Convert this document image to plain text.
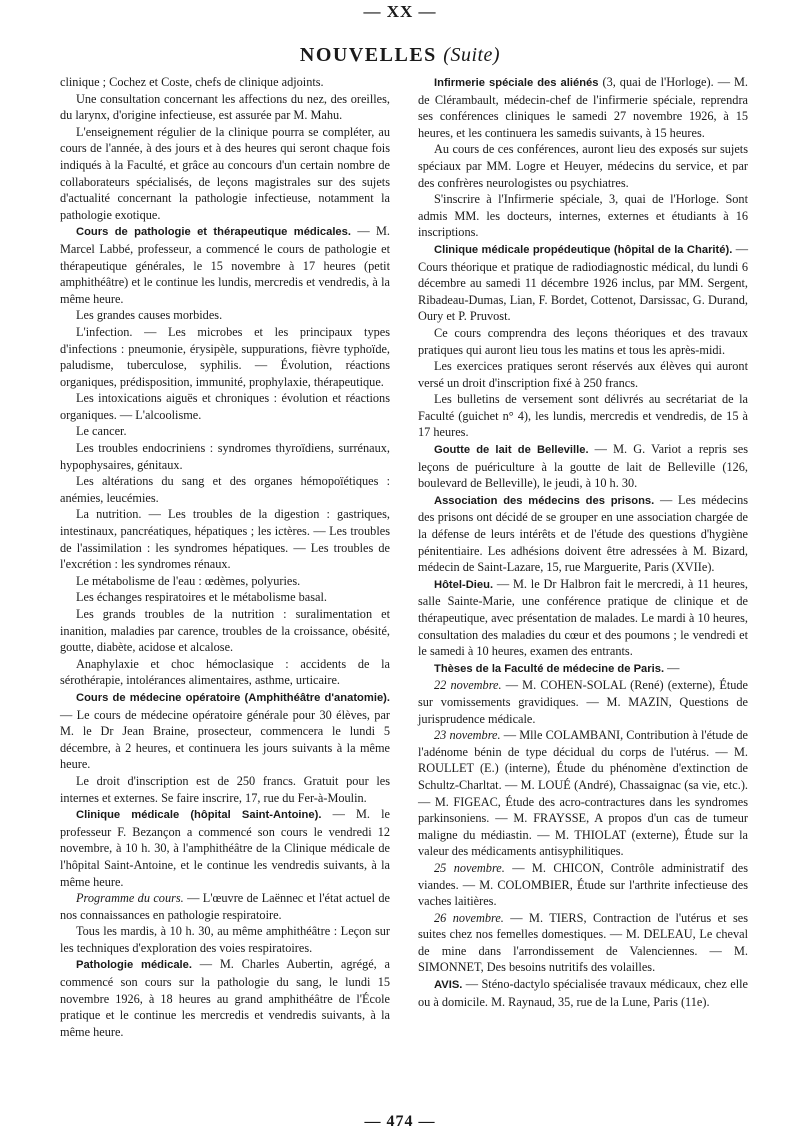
— XX —
NOUVELLES (Suite)

clinique ; Cochez et Coste, chefs de clinique adjoints.

Une consultation concernant les affections du nez, des oreilles, du larynx, d'origine infectieuse, est assurée par M. Mahu.

L'enseignement régulier de la clinique pourra se compléter, au cours de l'année, à des jours et à des heures qui seront chaque fois indiqués à la Faculté, et grâce au concours d'un certain nombre de collaborateurs spécialisés, de leçons magistrales sur des sujets d'actualité concernant la pathologie infectieuse, notamment la pathologie exotique.

Cours de pathologie et thérapeutique médicales. — M. Marcel Labbé, professeur, a commencé le cours de pathologie et thérapeutique générales, le 15 novembre à 17 heures (petit amphithéâtre) et le continue les lundis, mercredis et vendredis, à la même heure.

Les grandes causes morbides.

L'infection. — Les microbes et les principaux types d'infections : pneumonie, érysipèle, suppurations, fièvre typhoïde, paludisme, tuberculose, syphilis. — Évolution, réactions organiques, prédisposition, immunité, prophylaxie, thérapeutique.

Les intoxications aiguës et chroniques : évolution et réactions organiques. — L'alcoolisme.

Le cancer.

Les troubles endocriniens : syndromes thyroïdiens, surrénaux, hypophysaires, génitaux.

Les altérations du sang et des organes hémopoïétiques : anémies, leucémies.

La nutrition. — Les troubles de la digestion : gastriques, intestinaux, pancréatiques, hépatiques ; les ictères. — Les troubles de l'assimilation : les syndromes hépatiques. — Les troubles de l'excrétion : les syndromes rénaux.

Le métabolisme de l'eau : œdèmes, polyuries.

Les échanges respiratoires et le métabolisme basal.

Les grands troubles de la nutrition : suralimentation et inanition, maladies par carence, troubles de la croissance, obésité, goutte, diabète, acidose et alcalose.

Anaphylaxie et choc hémoclasique : accidents de la sérothérapie, intolérances alimentaires, asthme, urticaire.

Cours de médecine opératoire (Amphithéâtre d'anatomie). — Le cours de médecine opératoire générale pour 30 élèves, par M. le Dr Jean Braine, prosecteur, commencera le lundi 5 décembre, à 2 heures, et continuera les jours suivants à la même heure.

Le droit d'inscription est de 250 francs. Gratuit pour les internes et externes. Se faire inscrire, 17, rue du Fer-à-Moulin.

Clinique médicale (hôpital Saint-Antoine). — M. le professeur F. Bezançon a commencé son cours le vendredi 12 novembre, à 10 h. 30, à l'amphithéâtre de la Clinique médicale de l'hôpital Saint-Antoine, et le continue les vendredis suivants, à la même heure.

Programme du cours. — L'œuvre de Laënnec et l'état actuel de nos connaissances en pathologie respiratoire.

Tous les mardis, à 10 h. 30, au même amphithéâtre : Leçon sur les techniques d'exploration des voies respiratoires.

Pathologie médicale. — M. Charles Aubertin, agrégé, a commencé son cours sur la pathologie du sang, le lundi 15 novembre 1926, à 18 heures au grand amphithéâtre de l'École pratique et le continue les mercredis et vendredis suivants, à la même heure.

Infirmerie spéciale des aliénés (3, quai de l'Horloge). — M. de Clérambault, médecin-chef de l'infirmerie spéciale, reprendra ses conférences cliniques le samedi 27 novembre 1926, à 15 heures, et les continuera les samedis suivants, à 15 heures.

Au cours de ces conférences, auront lieu des exposés sur sujets spéciaux par MM. Logre et Heuyer, médecins du service, et par des confrères neurologistes ou psychiatres.

S'inscrire à l'Infirmerie spéciale, 3, quai de l'Horloge. Sont admis MM. les docteurs, internes, externes et étudiants à 16 inscriptions.

Clinique médicale propédeutique (hôpital de la Charité). — Cours théorique et pratique de radiodiagnostic médical, du lundi 6 décembre au samedi 11 décembre 1926 inclus, par MM. Sergent, Ribadeau-Dumas, Lian, F. Bordet, Cottenot, Darsissac, G. Durand, Oury et P. Pruvost.

Ce cours comprendra des leçons théoriques et des travaux pratiques qui auront lieu tous les matins et tous les après-midi.

Les exercices pratiques seront réservés aux élèves qui auront versé un droit d'inscription fixé à 250 francs.

Les bulletins de versement sont délivrés au secrétariat de la Faculté (guichet n° 4), les lundis, mercredis et vendredis, de 15 à 17 heures.

Goutte de lait de Belleville. — M. G. Variot a repris ses leçons de puériculture à la goutte de lait de Belleville (126, boulevard de Belleville), le jeudi, à 10 h. 30.

Association des médecins des prisons. — Les médecins des prisons ont décidé de se grouper en une association chargée de la défense de leurs intérêts et de l'étude des questions d'hygiène pénitentiaire. Les adhésions doivent être adressées à M. Bizard, médecin de Saint-Lazare, 15, rue Marguerite, Paris (XVIIe).

Hôtel-Dieu. — M. le Dr Halbron fait le mercredi, à 11 heures, salle Sainte-Marie, une conférence pratique de clinique et de thérapeutique, avec présentation de malades. Le mardi à 10 heures, consultation des maladies du cœur et des poumons ; le vendredi et le samedi à 10 heures, examen des entrants.

Thèses de la Faculté de médecine de Paris. —

22 novembre. — M. COHEN-SOLAL (René) (externe), Étude sur vomissements gravidiques. — M. MAZIN, Questions de jurisprudence médicale.

23 novembre. — Mlle COLAMBANI, Contribution à l'étude de l'adénome bénin de type décidual du corps de l'utérus. — M. ROULLET (E.) (interne), Étude du phénomène d'extinction de Schultz-Charltat. — M. LOUÉ (André), Chassaignac (sa vie, etc.). — M. FIGEAC, Étude des acro-contractures dans les syndromes parkinsoniens. — M. FRAYSSE, A propos d'un cas de tumeur maligne du médiastin. — M. THIOLAT (externe), Étude sur la valeur des médicaments antisyphilitiques.

25 novembre. — M. CHICON, Contrôle administratif des viandes. — M. COLOMBIER, Étude sur l'arthrite infectieuse des vaches laitières.

26 novembre. — M. TIERS, Contraction de l'utérus et ses suites chez nos femelles domestiques. — M. DELEAU, Le cheval de mine dans l'arrondissement de Valenciennes. — M. SIMONNET, Des besoins nutritifs des volailles.

AVIS. — Sténo-dactylo spécialisée travaux médicaux, chez elle ou à domicile. M. Raynaud, 35, rue de la Lune, Paris (11e).

— 474 —
